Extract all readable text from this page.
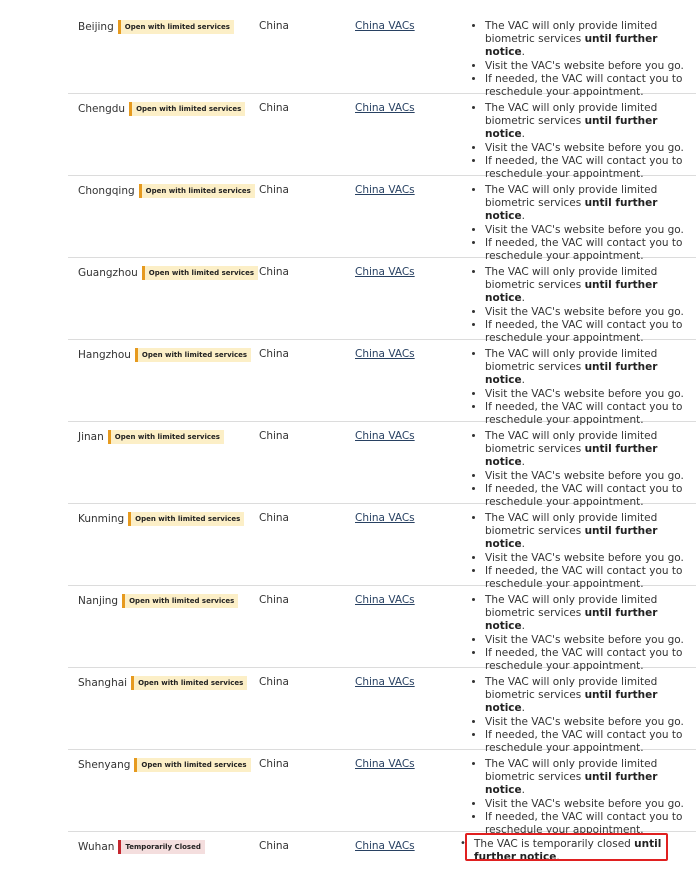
Beijing	Open with limited services	China	China VACs	• The VAC will only provide limited biometric services until further notice.
• Visit the VAC's website before you go.
• If needed, the VAC will contact you to reschedule your appointment.
Chengdu	Open with limited services	China	China VACs	• The VAC will only provide limited biometric services until further notice.
• Visit the VAC's website before you go.
• If needed, the VAC will contact you to reschedule your appointment.
Chongqing	Open with limited services China	China VACs	• The VAC will only provide limited biometric services until further notice.
• Visit the VAC's website before you go.
• If needed, the VAC will contact you to reschedule your appointment.
Guangzhou	Open with limited services China	China VACs	• The VAC will only provide limited biometric services until further notice.
• Visit the VAC's website before you go.
• If needed, the VAC will contact you to reschedule your appointment.
Hangzhou	Open with limited services	China	China VACs	• The VAC will only provide limited biometric services until further notice.
• Visit the VAC's website before you go.
• If needed, the VAC will contact you to reschedule your appointment.
Jinan	Open with limited services	China	China VACs	• The VAC will only provide limited biometric services until further notice.
• Visit the VAC's website before you go.
• If needed, the VAC will contact you to reschedule your appointment.
Kunming	Open with limited services	China	China VACs	• The VAC will only provide limited biometric services until further notice.
• Visit the VAC's website before you go.
• If needed, the VAC will contact you to reschedule your appointment.
Nanjing	Open with limited services	China	China VACs	• The VAC will only provide limited biometric services until further notice.
• Visit the VAC's website before you go.
• If needed, the VAC will contact you to reschedule your appointment.
Shanghai	Open with limited services	China	China VACs	• The VAC will only provide limited biometric services until further notice.
• Visit the VAC's website before you go.
• If needed, the VAC will contact you to reschedule your appointment.
Shenyang	Open with limited services	China	China VACs	• The VAC will only provide limited biometric services until further notice.
• Visit the VAC's website before you go.
• If needed, the VAC will contact you to reschedule your appointment.
Wuhan	Temporarily Closed	China	China VACs	• The VAC is temporarily closed until further notice.
